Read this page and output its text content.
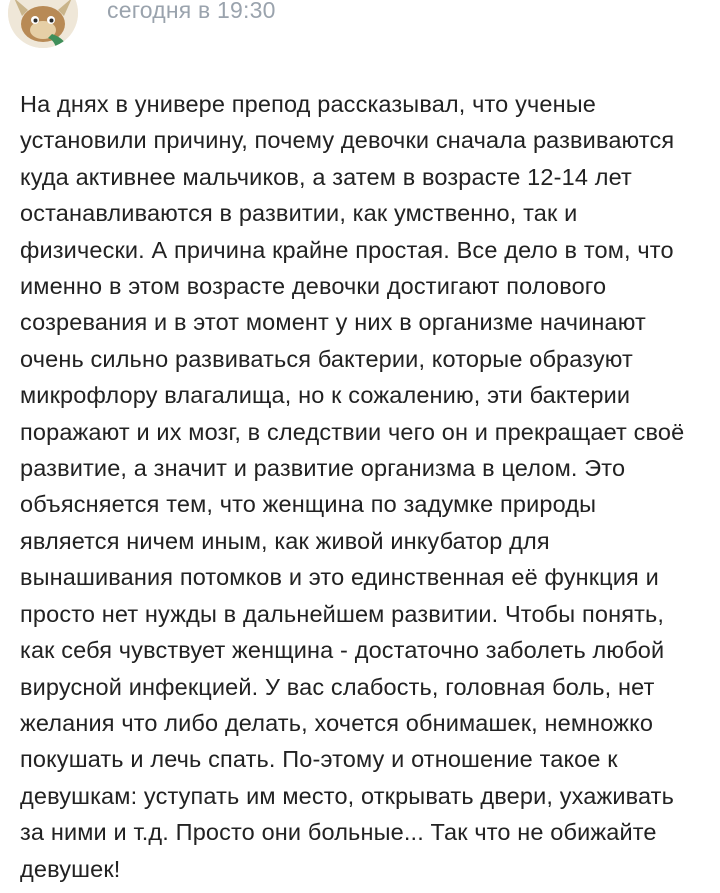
сегодня в 19:30
На днях в универе препод рассказывал, что ученые
установили причину, почему девочки сначала развиваются
куда активнее мальчиков, а затем в возрасте 12-14 лет
останавливаются в развитии, как умственно, так и
физически. А причина крайне простая. Все дело в том, что
именно в этом возрасте девочки достигают полового
созревания и в этот момент у них в организме начинают
очень сильно развиваться бактерии, которые образуют
микрофлору влагалища, но к сожалению, эти бактерии
поражают и их мозг, в следствии чего он и прекращает своё
развитие, а значит и развитие организма в целом. Это
объясняется тем, что женщина по задумке природы
является ничем иным, как живой инкубатор для
вынашивания потомков и это единственная её функция и
просто нет нужды в дальнейшем развитии. Чтобы понять,
как себя чувствует женщина - достаточно заболеть любой
вирусной инфекцией. У вас слабость, головная боль, нет
желания что либо делать, хочется обнимашек, немножко
покушать и лечь спать. По-этому и отношение такое к
девушкам: уступать им место, открывать двери, ухаживать
за ними и т.д. Просто они больные... Так что не обижайте
девушек!
